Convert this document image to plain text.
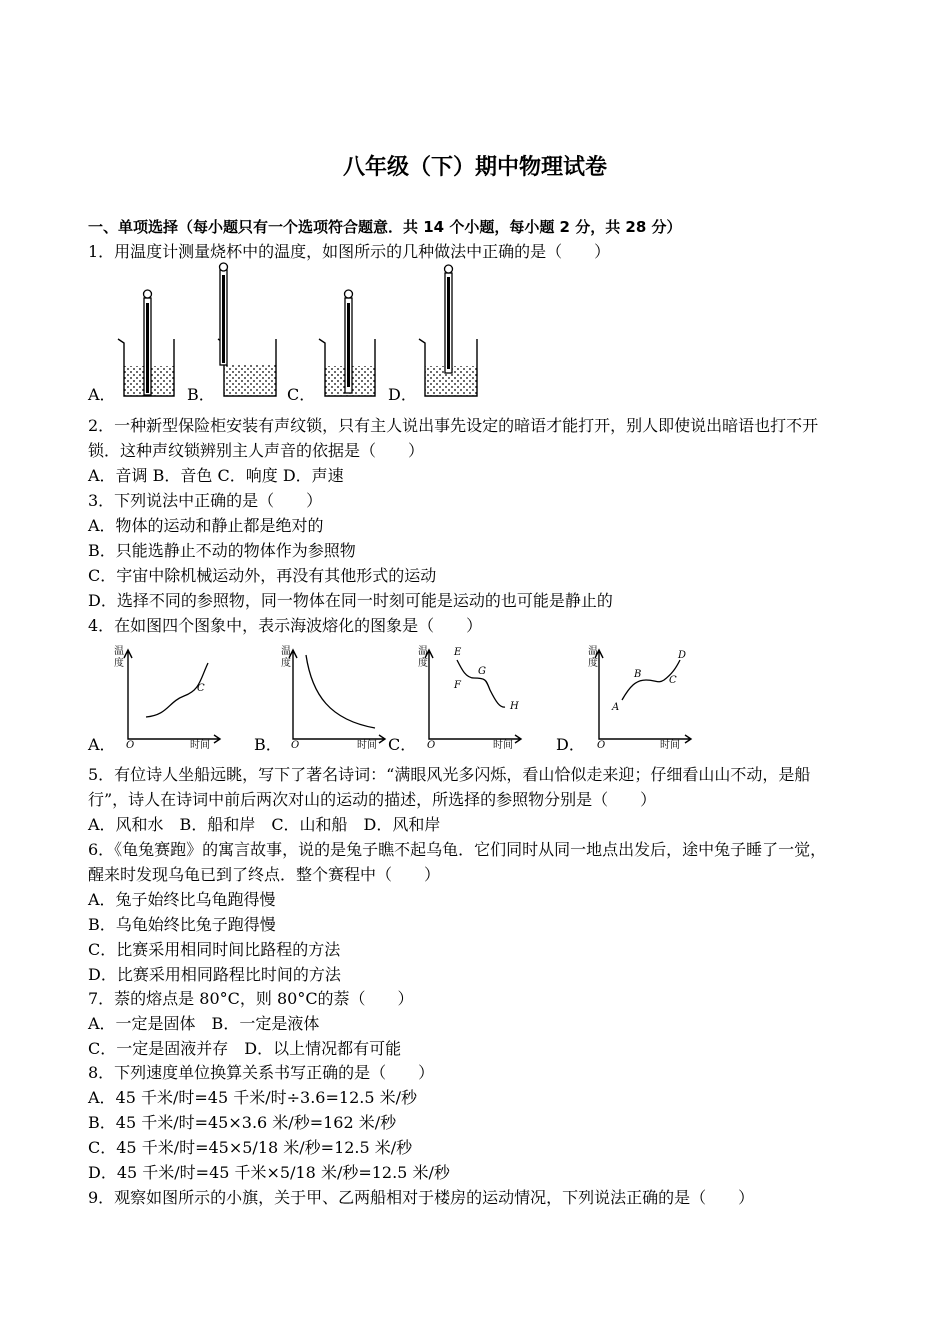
八年级（下）期中物理试卷
一、单项选择（每小题只有一个选项符合题意．共 14 个小题，每小题 2 分，共 28 分）
1．用温度计测量烧杯中的温度，如图所示的几种做法中正确的是（　　）
A．	B．	C．	D．
2．一种新型保险柜安装有声纹锁，只有主人说出事先设定的暗语才能打开，别人即使说出暗语也打不开
锁．这种声纹锁辨别主人声音的依据是（　　）
A．音调 B．音色 C．响度 D．声速
3．下列说法中正确的是（　　）
A．物体的运动和静止都是绝对的
B．只能选静止不动的物体作为参照物
C．宇宙中除机械运动外，再没有其他形式的运动
D．选择不同的参照物，同一物体在同一时刻可能是运动的也可能是静止的
4．在如图四个图象中，表示海波熔化的图象是（　　）
A．	B．	C．	D．
温
度
O	时间
C
温
度
O	时间
温
度
O	时间
E
F
G
H
温
度
O	时间
A
B
C
D
5．有位诗人坐船远眺，写下了著名诗词：“满眼风光多闪烁，看山恰似走来迎；仔细看山山不动，是船
行”，诗人在诗词中前后两次对山的运动的描述，所选择的参照物分别是（　　）
A．风和水　B．船和岸　C．山和船　D．风和岸
6．《龟兔赛跑》的寓言故事，说的是兔子瞧不起乌龟．它们同时从同一地点出发后，途中兔子睡了一觉，
醒来时发现乌龟已到了终点．整个赛程中（　　）
A．兔子始终比乌龟跑得慢
B．乌龟始终比兔子跑得慢
C．比赛采用相同时间比路程的方法
D．比赛采用相同路程比时间的方法
7．萘的熔点是 80°C，则 80°C的萘（　　）
A．一定是固体　B．一定是液体
C．一定是固液并存　D．以上情况都有可能
8．下列速度单位换算关系书写正确的是（　　）
A．45 千米/时=45 千米/时÷3.6=12.5 米/秒
B．45 千米/时=45×3.6 米/秒=162 米/秒
C．45 千米/时=45×5/18 米/秒=12.5 米/秒
D．45 千米/时=45 千米×5/18 米/秒=12.5 米/秒
9．观察如图所示的小旗，关于甲、乙两船相对于楼房的运动情况，下列说法正确的是（　　）
